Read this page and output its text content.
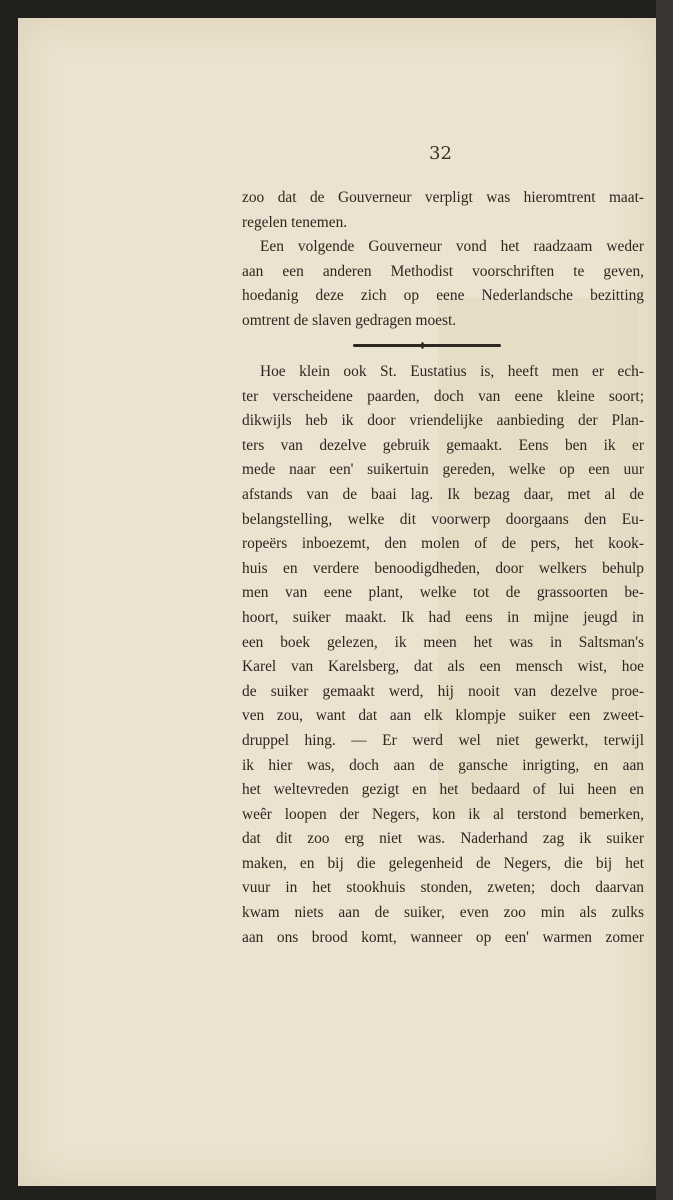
32
zoo dat de Gouverneur verpligt was hieromtrent maat-
regelen tenemen.
Een volgende Gouverneur vond het raadzaam weder
aan een anderen Methodist voorschriften te geven,
hoedanig deze zich op eene Nederlandsche bezitting
omtrent de slaven gedragen moest.
Hoe klein ook St. Eustatius is, heeft men er ech-
ter verscheidene paarden, doch van eene kleine soort;
dikwijls heb ik door vriendelijke aanbieding der Plan-
ters van dezelve gebruik gemaakt. Eens ben ik er
mede naar een' suikertuin gereden, welke op een uur
afstands van de baai lag. Ik bezag daar, met al de
belangstelling, welke dit voorwerp doorgaans den Eu-
ropeërs inboezemt, den molen of de pers, het kook-
huis en verdere benoodigdheden, door welkers behulp
men van eene plant, welke tot de grassoorten be-
hoort, suiker maakt. Ik had eens in mijne jeugd in
een boek gelezen, ik meen het was in Saltsman's
Karel van Karelsberg, dat als een mensch wist, hoe
de suiker gemaakt werd, hij nooit van dezelve proe-
ven zou, want dat aan elk klompje suiker een zweet-
druppel hing. — Er werd wel niet gewerkt, terwijl
ik hier was, doch aan de gansche inrigting, en aan
het weltevreden gezigt en het bedaard of lui heen en
weêr loopen der Negers, kon ik al terstond bemerken,
dat dit zoo erg niet was. Naderhand zag ik suiker
maken, en bij die gelegenheid de Negers, die bij het
vuur in het stookhuis stonden, zweten; doch daarvan
kwam niets aan de suiker, even zoo min als zulks
aan ons brood komt, wanneer op een' warmen zomer
